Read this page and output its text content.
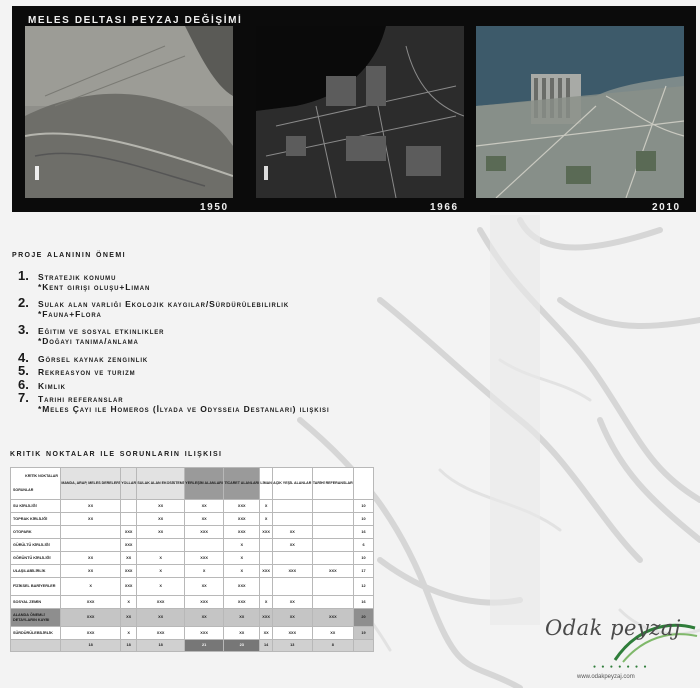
MELES DELTASI PEYZAJ DEĞİŞİMİ
1950	1966	2010
proje alanının önemi
1.	Stratejik konumu
*Kent girişi oluşu+Liman
2.	Sulak alan varlığı Ekolojik kaygılar/Sürdürülebilirlik
*Fauna+Flora
3.	Eğitim ve sosyal etkinlikler
*Doğayı tanıma/anlama
4.	Görsel kaynak zenginlik
5.	Rekreasyon ve turizm
6.	Kimlik
7.	Tarihi referanslar
*Meles Çayı ile Homeros (İlyada ve Odysseia Destanları) ilişkisi
kritik noktalar ile sorunların ilişkisi
KRİTİK NOKTALAR
SORUNLAR	MANDA, ARAP, MELES DERELERİ	YOLLAR	SULAK ALAN EKOSİSTEMİ	YERLEŞİM ALANLARI	TİCARET ALANLARI	LİMAN	AÇIK YEŞİL ALANLAR	TARİHİ REFERANSLAR	
SU KİRLİLİĞİ	XX		XX	XX	XXX	X			10
TOPRAK KİRLİLİĞİ	XX		XX	XX	XXX	X			10
OTOPARK		XXX	XX	XXX	XXX	XXX	XX		16
GÜRÜLTÜ KİRLİLİĞİ		XXX			X		XX		6
GÖRÜNTÜ KİRLİLİĞİ	XX	XX	X	XXX	X				10
ULAŞILABİLİRLİK	XX	XXX	X	X	X	XXX	XXX	XXX	17
FİZİKSEL BARİYERLER	X	XXX	X	XX	XXX				12
SOSYAL ZEMİN	XXX	X	XXX	XXX	XXX	X	XX		16
ALANDA ÖNEMLİ DETAYLARIN KAYBI	XXX	XX	XX	XX	XX	XXX	XX	XXX	20
SÜRDÜRÜLEBİLİRLİK	XXX	X	XXX	XXX	XX	XX	XXX	XX	19
	18	18	18	21	23	14	13	8	
Odak peyzaj
● ● ● ● ● ● ●
www.odakpeyzaj.com
